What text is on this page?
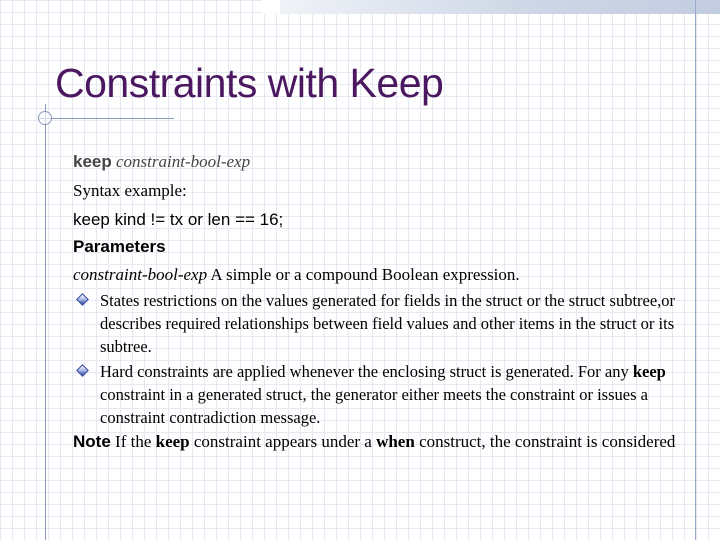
Constraints with Keep
keep constraint-bool-exp
Syntax example:
keep kind != tx or len == 16;
Parameters
constraint-bool-exp A simple or a compound Boolean expression.
States restrictions on the values generated for fields in the struct or the struct subtree,or describes required relationships between field values and other items in the struct or its subtree.
Hard constraints are applied whenever the enclosing struct is generated. For any keep constraint in a generated struct, the generator either meets the constraint or issues a constraint contradiction message.
Note If the keep constraint appears under a when construct, the constraint is considered
